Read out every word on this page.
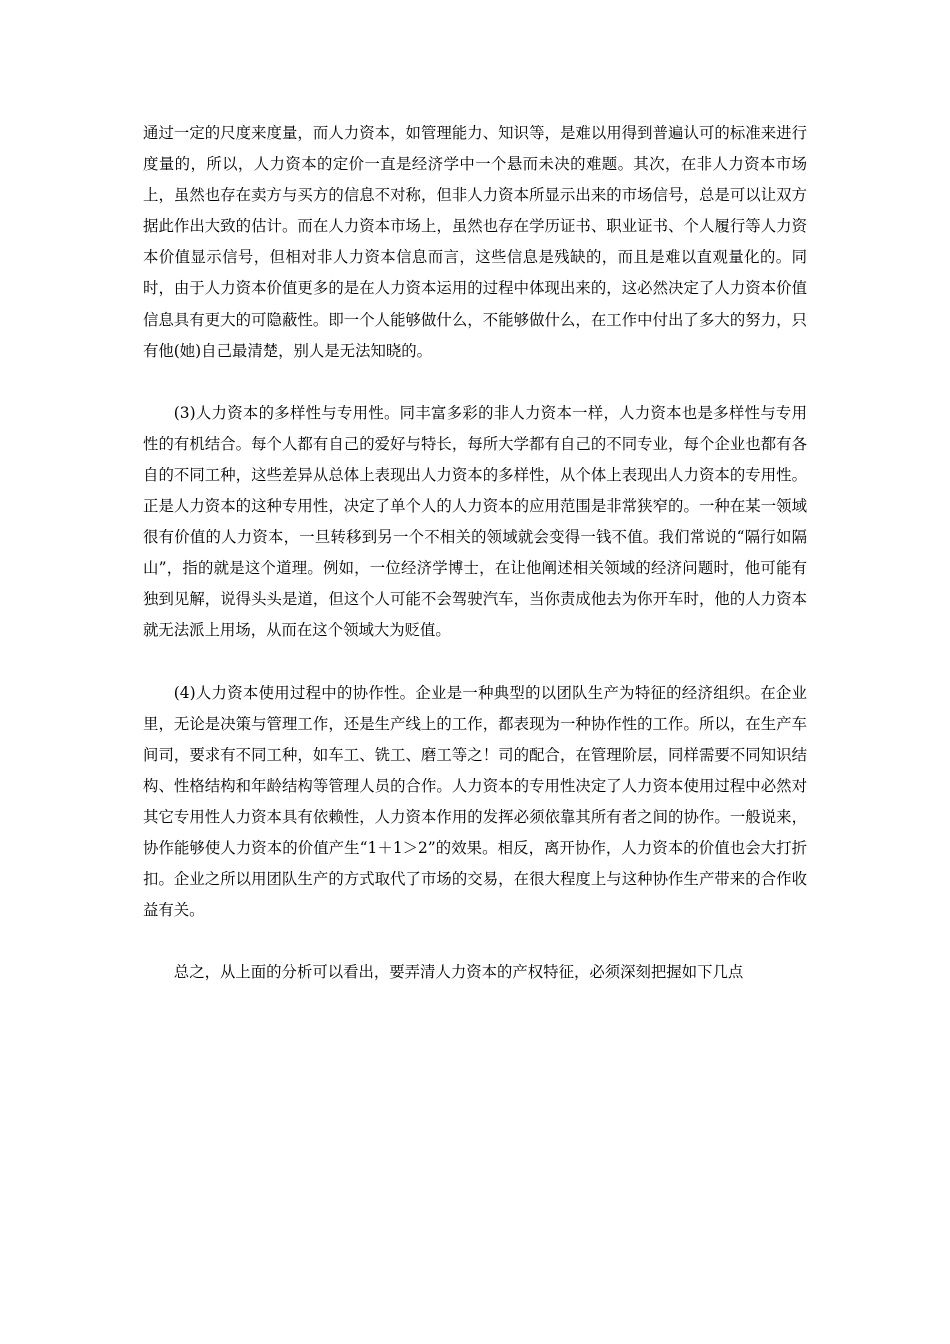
通过一定的尺度来度量，而人力资本，如管理能力、知识等，是难以用得到普遍认可的标准来进行度量的，所以，人力资本的定价一直是经济学中一个悬而未决的难题。其次，在非人力资本市场上，虽然也存在卖方与买方的信息不对称，但非人力资本所显示出来的市场信号，总是可以让双方据此作出大致的估计。而在人力资本市场上，虽然也存在学历证书、职业证书、个人履行等人力资本价值显示信号，但相对非人力资本信息而言，这些信息是残缺的，而且是难以直观量化的。同时，由于人力资本价值更多的是在人力资本运用的过程中体现出来的，这必然决定了人力资本价值信息具有更大的可隐蔽性。即一个人能够做什么，不能够做什么，在工作中付出了多大的努力，只有他(她)自己最清楚，别人是无法知晓的。

(3)人力资本的多样性与专用性。同丰富多彩的非人力资本一样，人力资本也是多样性与专用性的有机结合。每个人都有自己的爱好与特长，每所大学都有自己的不同专业，每个企业也都有各自的不同工种，这些差异从总体上表现出人力资本的多样性，从个体上表现出人力资本的专用性。正是人力资本的这种专用性，决定了单个人的人力资本的应用范围是非常狭窄的。一种在某一领域很有价值的人力资本，一旦转移到另一个不相关的领域就会变得一钱不值。我们常说的“隔行如隔山”，指的就是这个道理。例如，一位经济学博士，在让他阐述相关领域的经济问题时，他可能有独到见解，说得头头是道，但这个人可能不会驾驶汽车，当你责成他去为你开车时，他的人力资本就无法派上用场，从而在这个领域大为贬值。

(4)人力资本使用过程中的协作性。企业是一种典型的以团队生产为特征的经济组织。在企业里，无论是决策与管理工作，还是生产线上的工作，都表现为一种协作性的工作。所以，在生产车间司，要求有不同工种，如车工、铣工、磨工等之！司的配合，在管理阶层，同样需要不同知识结构、性格结构和年龄结构等管理人员的合作。人力资本的专用性决定了人力资本使用过程中必然对其它专用性人力资本具有依赖性，人力资本作用的发挥必须依靠其所有者之间的协作。一般说来，协作能够使人力资本的价值产生“1＋1＞2”的效果。相反，离开协作，人力资本的价值也会大打折扣。企业之所以用团队生产的方式取代了市场的交易，在很大程度上与这种协作生产带来的合作收益有关。

总之，从上面的分析可以看出，要弄清人力资本的产权特征，必须深刻把握如下几点
